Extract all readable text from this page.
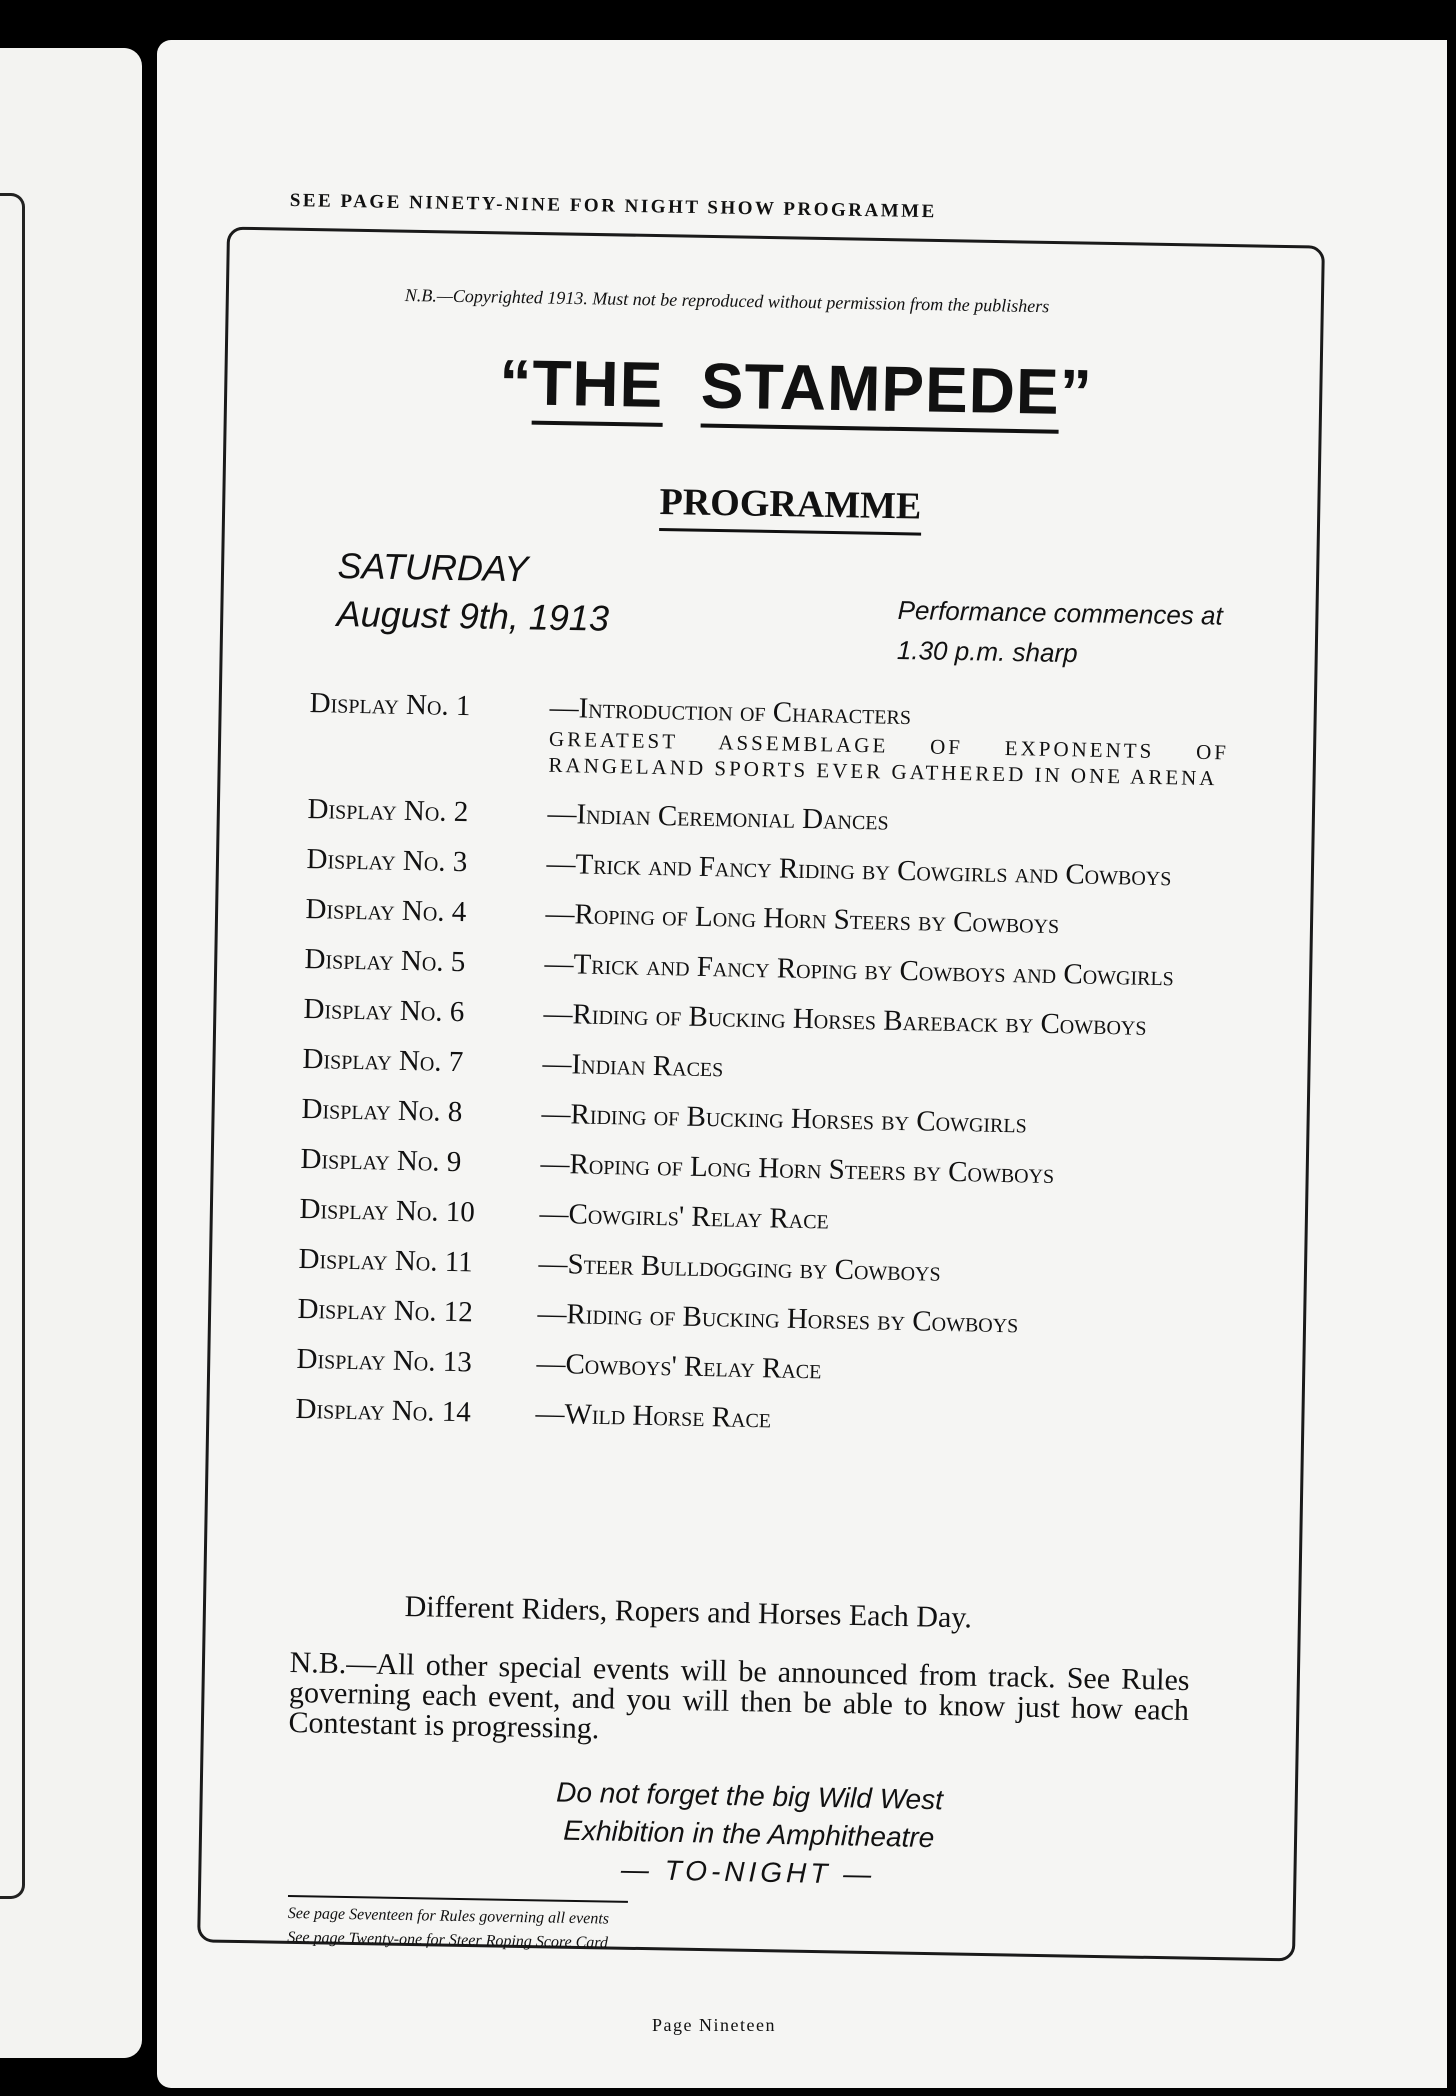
SEE PAGE NINETY-NINE FOR NIGHT SHOW PROGRAMME
N.B.—Copyrighted 1913. Must not be reproduced without permission from the publishers
“THE STAMPEDE”
PROGRAMME
SATURDAY
August 9th, 1913	Performance commences at
1.30 p.m. sharp
Display No. 1	—Introduction of Characters
GREATEST ASSEMBLAGE OF EXPONENTS OF RANGELAND SPORTS EVER GATHERED IN ONE ARENA
Display No. 2	—Indian Ceremonial Dances
Display No. 3	—Trick and Fancy Riding by Cowgirls and Cowboys
Display No. 4	—Roping of Long Horn Steers by Cowboys
Display No. 5	—Trick and Fancy Roping by Cowboys and Cowgirls
Display No. 6	—Riding of Bucking Horses Bareback by Cowboys
Display No. 7	—Indian Races
Display No. 8	—Riding of Bucking Horses by Cowgirls
Display No. 9	—Roping of Long Horn Steers by Cowboys
Display No. 10	—Cowgirls' Relay Race
Display No. 11	—Steer Bulldogging by Cowboys
Display No. 12	—Riding of Bucking Horses by Cowboys
Display No. 13	—Cowboys' Relay Race
Display No. 14	—Wild Horse Race
Different Riders, Ropers and Horses Each Day.
N.B.—All other special events will be announced from track. See Rules governing each event, and you will then be able to know just how each Contestant is progressing.
Do not forget the big Wild West
Exhibition in the Amphitheatre
— TO-NIGHT —
See page Seventeen for Rules governing all events
See page Twenty-one for Steer Roping Score Card
Page Nineteen
